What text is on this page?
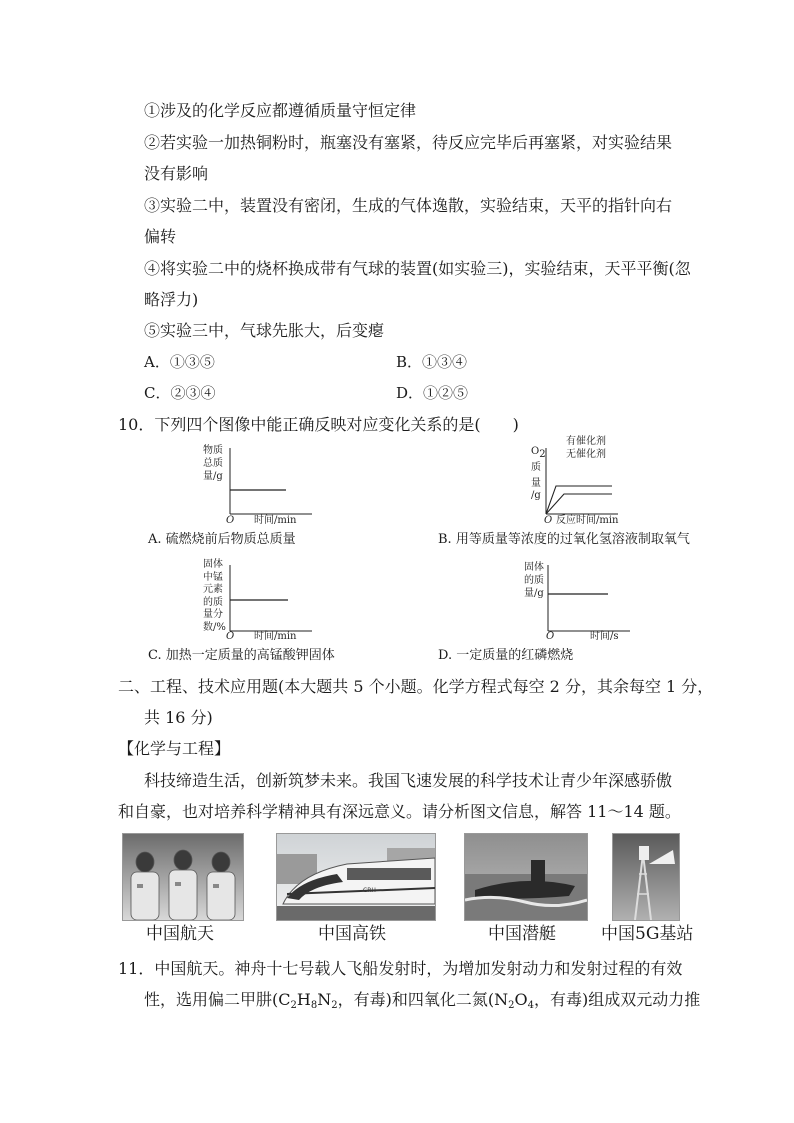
①涉及的化学反应都遵循质量守恒定律
②若实验一加热铜粉时，瓶塞没有塞紧，待反应完毕后再塞紧，对实验结果
没有影响
③实验二中，装置没有密闭，生成的气体逸散，实验结束，天平的指针向右
偏转
④将实验二中的烧杯换成带有气球的装置(如实验三)，实验结束，天平平衡(忽
略浮力)
⑤实验三中，气球先胀大，后变瘪
A．①③⑤	B．①③④
C．②③④	D．①②⑤
10．下列四个图像中能正确反映对应变化关系的是(　　)
物质
总质
量/g
O 时间/min
A. 硫燃烧前后物质总质量
$O_2$
质
量
/g
有催化剂
无催化剂
O 反应时间/min
B. 用等质量等浓度的过氧化氢溶液制取氧气
固体
中锰
元素
的质
量分
数/%
O 时间/min
C. 加热一定质量的高锰酸钾固体
固体
的质
量/g
O	时间/s
D. 一定质量的红磷燃烧
二、工程、技术应用题(本大题共 5 个小题。化学方程式每空 2 分，其余每空 1 分，
共 16 分)
【化学与工程】
科技缔造生活，创新筑梦未来。我国飞速发展的科学技术让青少年深感骄傲
和自豪，也对培养科学精神具有深远意义。请分析图文信息，解答 11～14 题。
CRH
中国航天	中国高铁	中国潜艇	中国5G基站
11．中国航天。神舟十七号载人飞船发射时，为增加发射动力和发射过程的有效
性，选用偏二甲肼($C_2H_8N_2$，有毒)和四氧化二氮($N_2O_4$，有毒)组成双元动力推
